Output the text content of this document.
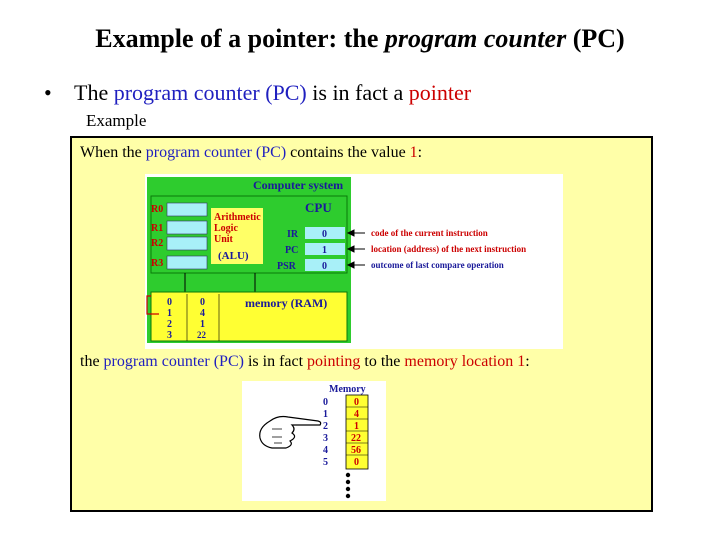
Example of a pointer: the program counter (PC)
• The program counter (PC) is in fact a pointer
Example
When the program counter (PC) contains the value 1:
Computer system
CPU
R0
R1
R2
R3
Arithmetic
Logic
Unit
(ALU)
IR
PC
PSR
0
1
0
code of the current instruction
location (address) of the next instruction
outcome of last compare operation
memory (RAM)
0
1
2
3
0
4
1
22
the program counter (PC) is in fact pointing to the memory location 1:
Memory
0
1
2
3
4
5
0
4
1
22
56
0
